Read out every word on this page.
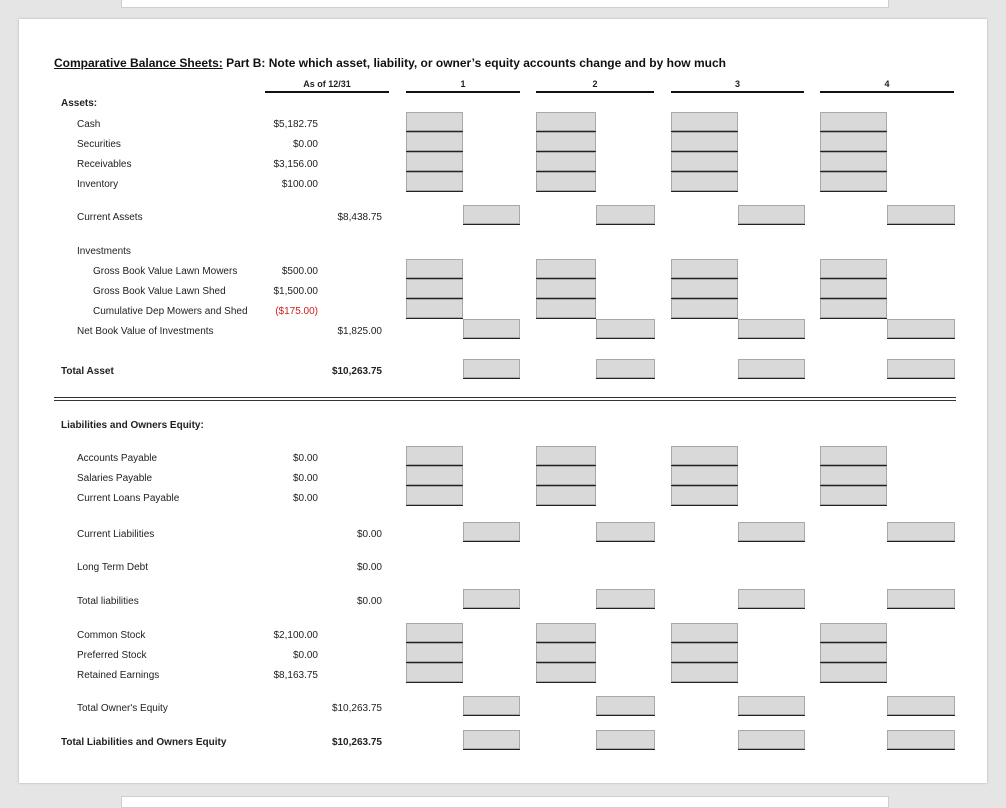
Comparative Balance Sheets: Part B: Note which asset, liability, or owner’s equity accounts change and by how much
As of 12/31	1	2	3	4
Assets:
Cash	$5,182.75
Securities	$0.00
Receivables	$3,156.00
Inventory	$100.00
Current Assets	$8,438.75
Investments
Gross Book Value Lawn Mowers	$500.00
Gross Book Value Lawn Shed	$1,500.00
Cumulative Dep Mowers and Shed	($175.00)
Net Book Value of Investments	$1,825.00
Total Asset	$10,263.75
Liabilities and Owners Equity:
Accounts Payable	$0.00
Salaries Payable	$0.00
Current Loans Payable	$0.00
Current Liabilities	$0.00
Long Term Debt	$0.00
Total liabilities	$0.00
Common Stock	$2,100.00
Preferred Stock	$0.00
Retained Earnings	$8,163.75
Total Owner's Equity	$10,263.75
Total Liabilities and Owners Equity	$10,263.75
